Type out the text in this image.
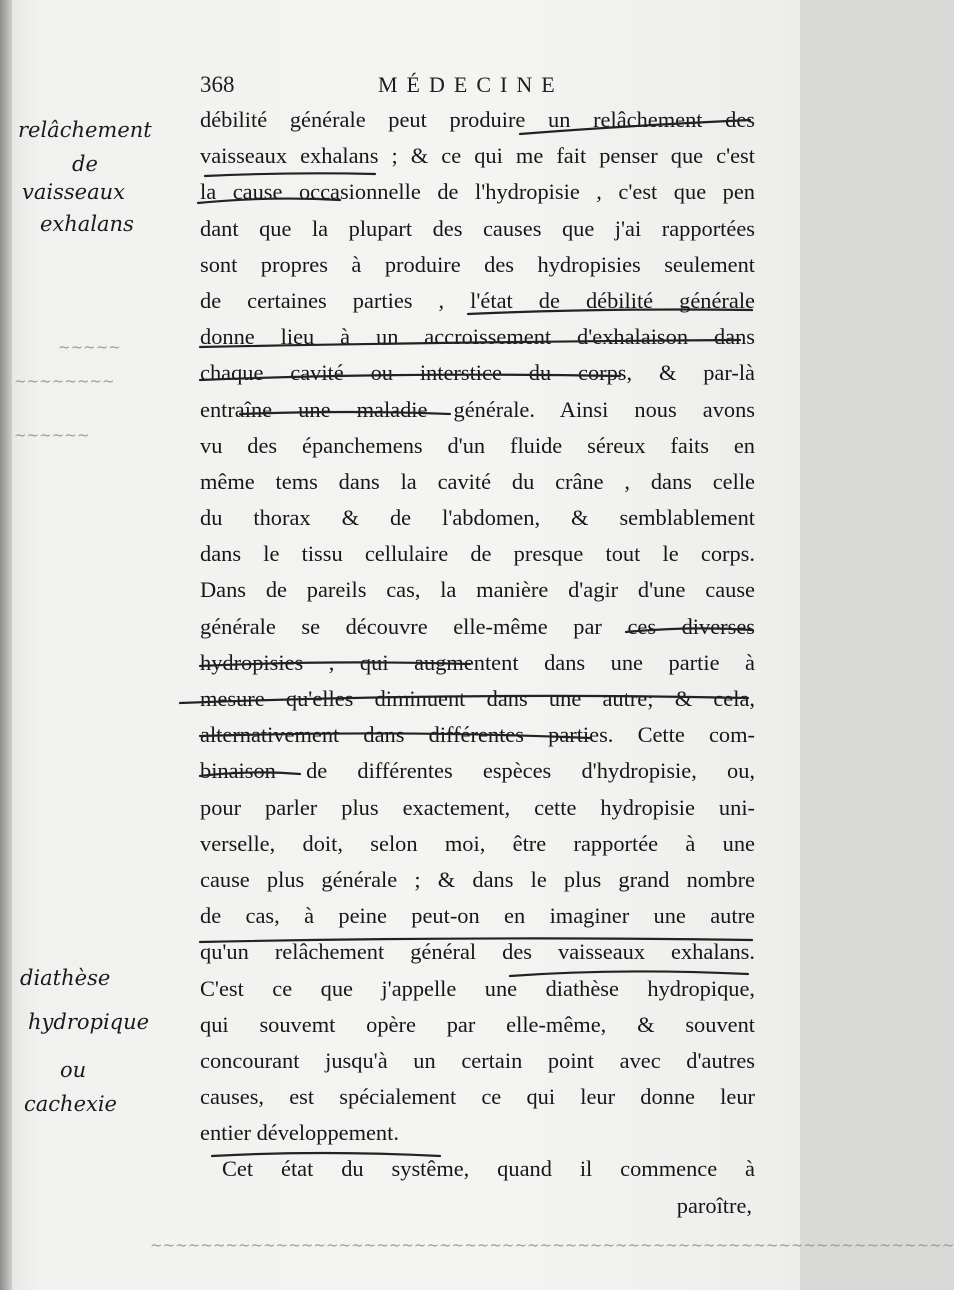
368	MÉDECINE
débilité générale peut produire un relâchement des
vaisseaux exhalans ; & ce qui me fait penser que c'est
la cause occasionnelle de l'hydropisie , c'est que pen
dant que la plupart des causes que j'ai rapportées
sont propres à produire des hydropisies seulement
de certaines parties , l'état de débilité générale
donne lieu à un accroissement d'exhalaison dans
chaque cavité ou interstice du corps, & par-là
entraîne une maladie générale. Ainsi nous avons
vu des épanchemens d'un fluide séreux faits en
même tems dans la cavité du crâne , dans celle
du thorax & de l'abdomen, & semblablement
dans le tissu cellulaire de presque tout le corps.
Dans de pareils cas, la manière d'agir d'une cause
générale se découvre elle-même par ces diverses
hydropisies , qui augmentent dans une partie à
mesure qu'elles diminuent dans une autre; & cela,
alternativement dans différentes parties. Cette com-
binaison de différentes espèces d'hydropisie, ou,
pour parler plus exactement, cette hydropisie uni-
verselle, doit, selon moi, être rapportée à une
cause plus générale ; & dans le plus grand nombre
de cas, à peine peut-on en imaginer une autre
qu'un relâchement général des vaisseaux exhalans.
C'est ce que j'appelle une diathèse hydropique,
qui souvemt opère par elle-même, & souvent
concourant jusqu'à un certain point avec d'autres
causes, est spécialement ce qui leur donne leur
entier développement.
Cet état du systême, quand il commence à
paroître,
relâchement
de
vaisseaux
exhalans
~~~~~
~~~~~~~~
~~~~~~
diathèse
hydropique
ou
cachexie
~~~~~~~~~~~~~~~~~~~~~~~~~~~~~~~~~~~~~~~~~~~~~~~~~~~~~~~~~~~~~~~~
